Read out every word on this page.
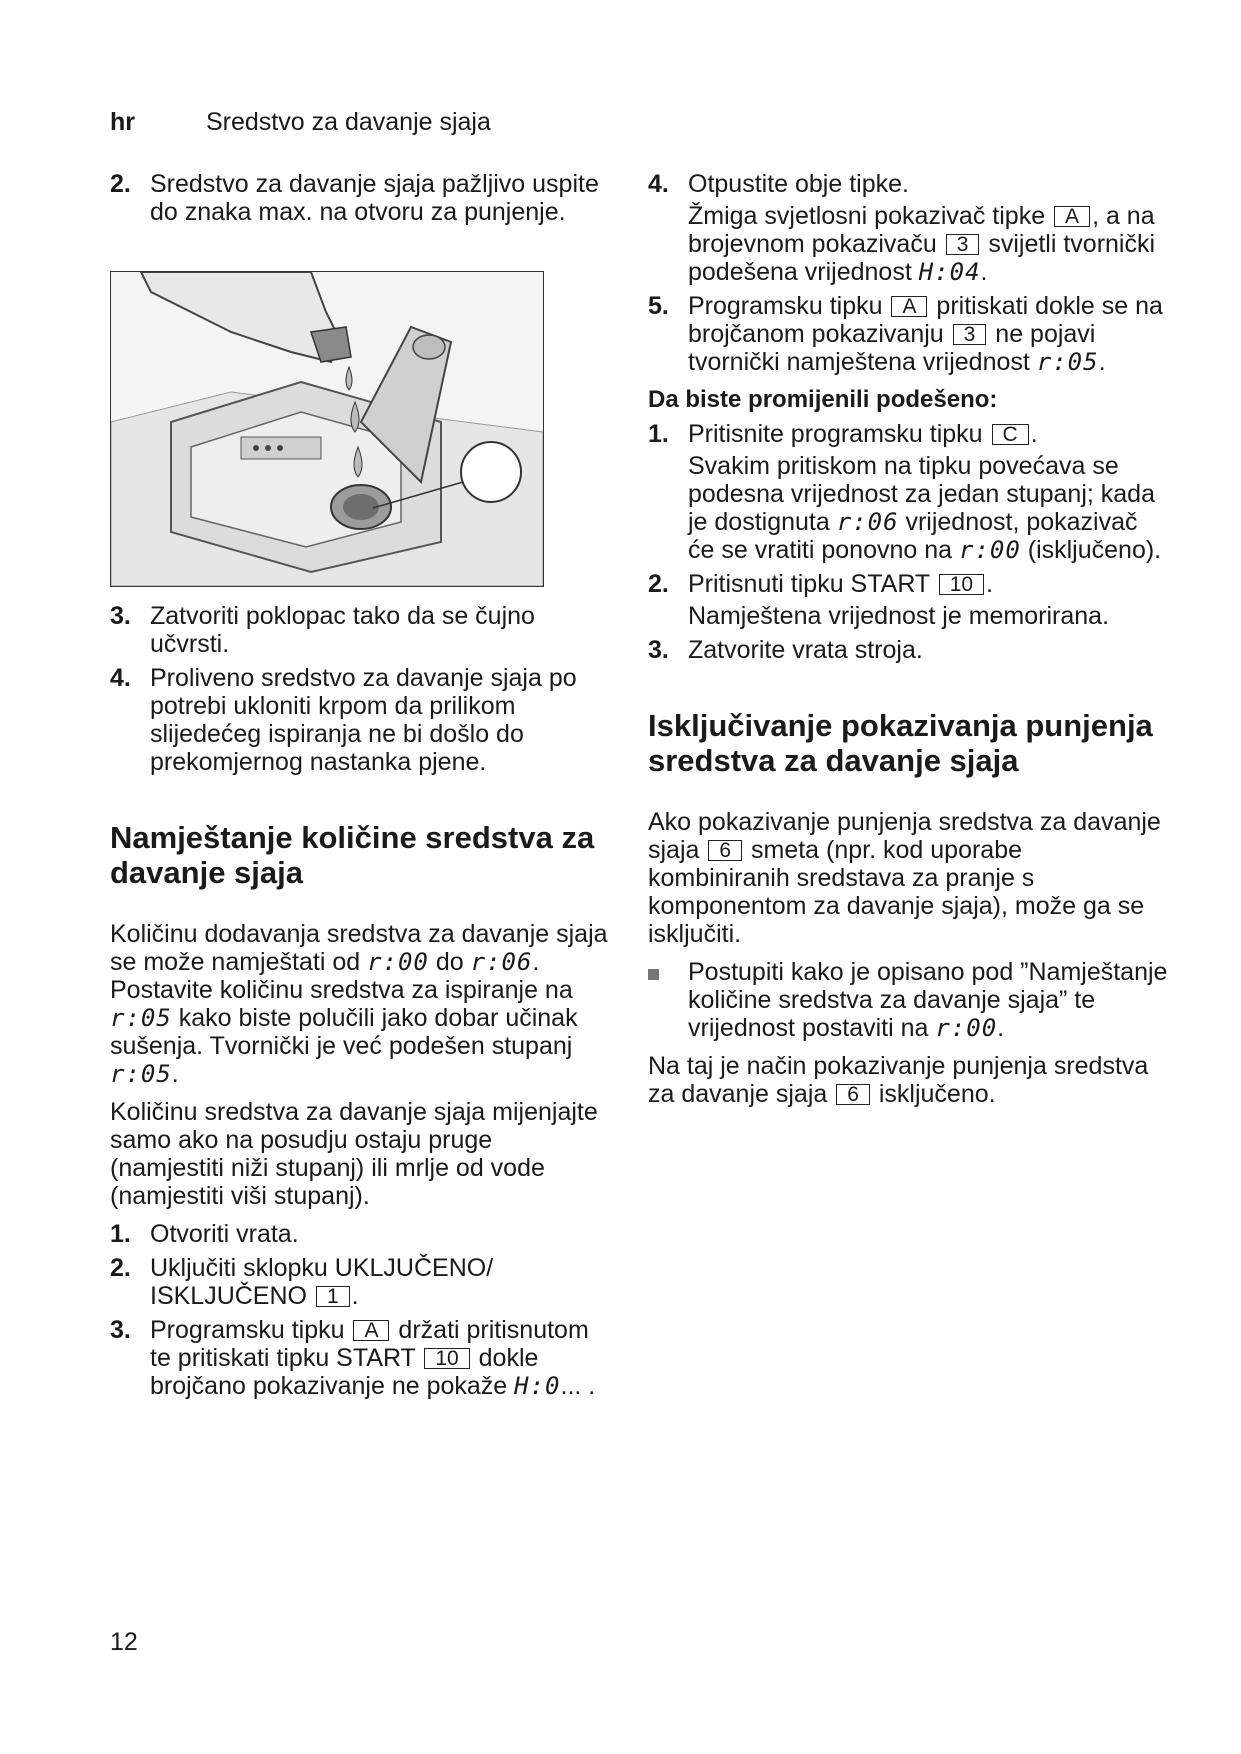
hr	Sredstvo za davanje sjaja
2. Sredstvo za davanje sjaja pažljivo uspite do znaka max. na otvoru za punjenje.
3. Zatvoriti poklopac tako da se čujno učvrsti.
4. Proliveno sredstvo za davanje sjaja po potrebi ukloniti krpom da prilikom slijedećeg ispiranja ne bi došlo do prekomjernog nastanka pjene.
Namještanje količine sredstva za davanje sjaja

Količinu dodavanja sredstva za davanje sjaja se može namještati od r:00 do r:06. Postavite količinu sredstva za ispiranje na r:05 kako biste polučili jako dobar učinak sušenja. Tvornički je već podešen stupanj r:05.

Količinu sredstva za davanje sjaja mijenjajte samo ako na posudju ostaju pruge (namjestiti niži stupanj) ili mrlje od vode (namjestiti viši stupanj).

1. Otvoriti vrata.
2. Uključiti sklopku UKLJUČENO/ ISKLJUČENO 1 .
3. Programsku tipku A držati pritisnutom te pritiskati tipku START 10 dokle brojčano pokazivanje ne pokaže H:0... .
4. Otpustite obje tipke.

Žmiga svjetlosni pokazivač tipke A , a na brojevnom pokazivaču 3 svijetli tvornički podešena vrijednost H:04.

5. Programsku tipku A pritiskati dokle se na brojčanom pokazivanju 3 ne pojavi tvornički namještena vrijednost r:05.
Da biste promijenili podešeno:
1. Pritisnite programsku tipku C .

Svakim pritiskom na tipku povećava se podesna vrijednost za jedan stupanj; kada je dostignuta r:06 vrijednost, pokazivač će se vratiti ponovno na r:00 (isključeno).

2. Pritisnuti tipku START 10 .

Namještena vrijednost je memorirana.

3. Zatvorite vrata stroja.
Isključivanje pokazivanja punjenja sredstva za davanje sjaja

Ako pokazivanje punjenja sredstva za davanje sjaja 6 smeta (npr. kod uporabe kombiniranih sredstava za pranje s komponentom za davanje sjaja), može ga se isključiti.

Postupiti kako je opisano pod ”Namještanje količine sredstva za davanje sjaja” te vrijednost postaviti na r:00.

Na taj je način pokazivanje punjenja sredstva za davanje sjaja 6 isključeno.

12
